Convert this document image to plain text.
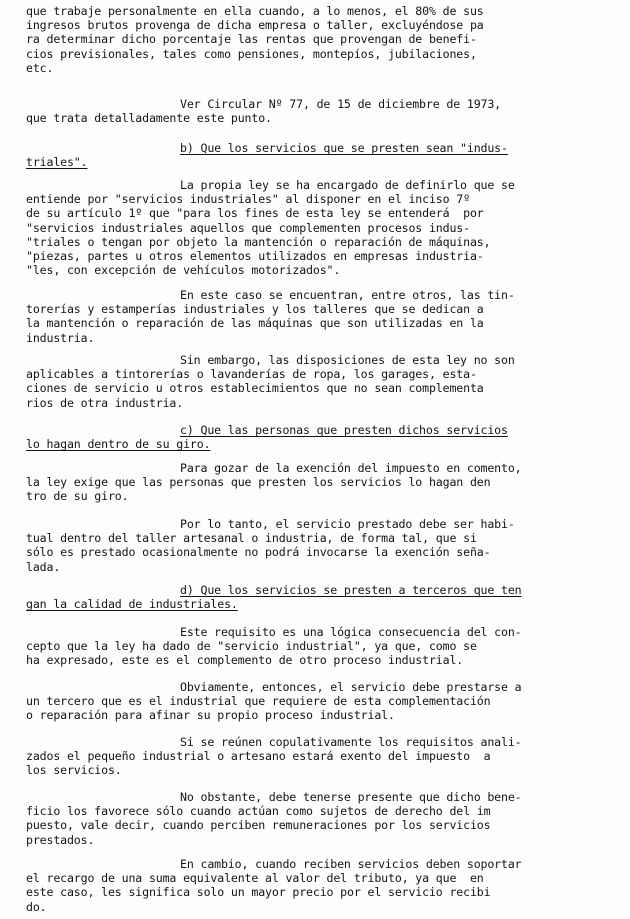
que trabaje personalmente en ella cuando, a lo menos, el 80% de sus
ingresos brutos provenga de dicha empresa o taller, excluyéndose pa
ra determinar dicho porcentaje las rentas que provengan de benefi-
cios previsionales, tales como pensiones, montepíos, jubilaciones,
etc.
Ver Circular Nº 77, de 15 de diciembre de 1973,
que trata detalladamente este punto.
b) Que los servicios que se presten sean "indus-
triales".
La propia ley se ha encargado de definirlo que se
entiende por "servicios industriales" al disponer en el inciso 7º
de su artículo 1º que "para los fines de esta ley se entenderá  por
"servicios industriales aquellos que complementen procesos indus-
"triales o tengan por objeto la mantención o reparación de máquinas,
"piezas, partes u otros elementos utilizados en empresas industria-
"les, con excepción de vehículos motorizados".
En este caso se encuentran, entre otros, las tin-
torerías y estamperías industriales y los talleres que se dedican a
la mantención o reparación de las máquinas que son utilizadas en la
industria.
Sin embargo, las disposiciones de esta ley no son
aplicables a tintorerías o lavanderías de ropa, los garages, esta-
ciones de servicio u otros establecimientos que no sean complementa
rios de otra industria.
c) Que las personas que presten dichos servicios
lo hagan dentro de su giro.
Para gozar de la exención del impuesto en comento,
la ley exige que las personas que presten los servicios lo hagan den
tro de su giro.
Por lo tanto, el servicio prestado debe ser habi-
tual dentro del taller artesanal o industria, de forma tal, que si
sólo es prestado ocasionalmente no podrá invocarse la exención seña-
lada.
d) Que los servicios se presten a terceros que ten
gan la calidad de industriales.
Este requisito es una lógica consecuencia del con-
cepto que la ley ha dado de "servicio industrial", ya que, como se
ha expresado, este es el complemento de otro proceso industrial.
Obviamente, entonces, el servicio debe prestarse a
un tercero que es el industrial que requiere de esta complementación
o reparación para afinar su propio proceso industrial.
Si se reúnen copulativamente los requisitos anali-
zados el pequeño industrial o artesano estará exento del impuesto  a
los servicios.
No obstante, debe tenerse presente que dicho bene-
ficio los favorece sólo cuando actúan como sujetos de derecho del im
puesto, vale decir, cuando perciben remuneraciones por los servicios
prestados.
En cambio, cuando reciben servicios deben soportar
el recargo de una suma equivalente al valor del tributo, ya que  en
este caso, les significa solo un mayor precio por el servicio recibi
do.
